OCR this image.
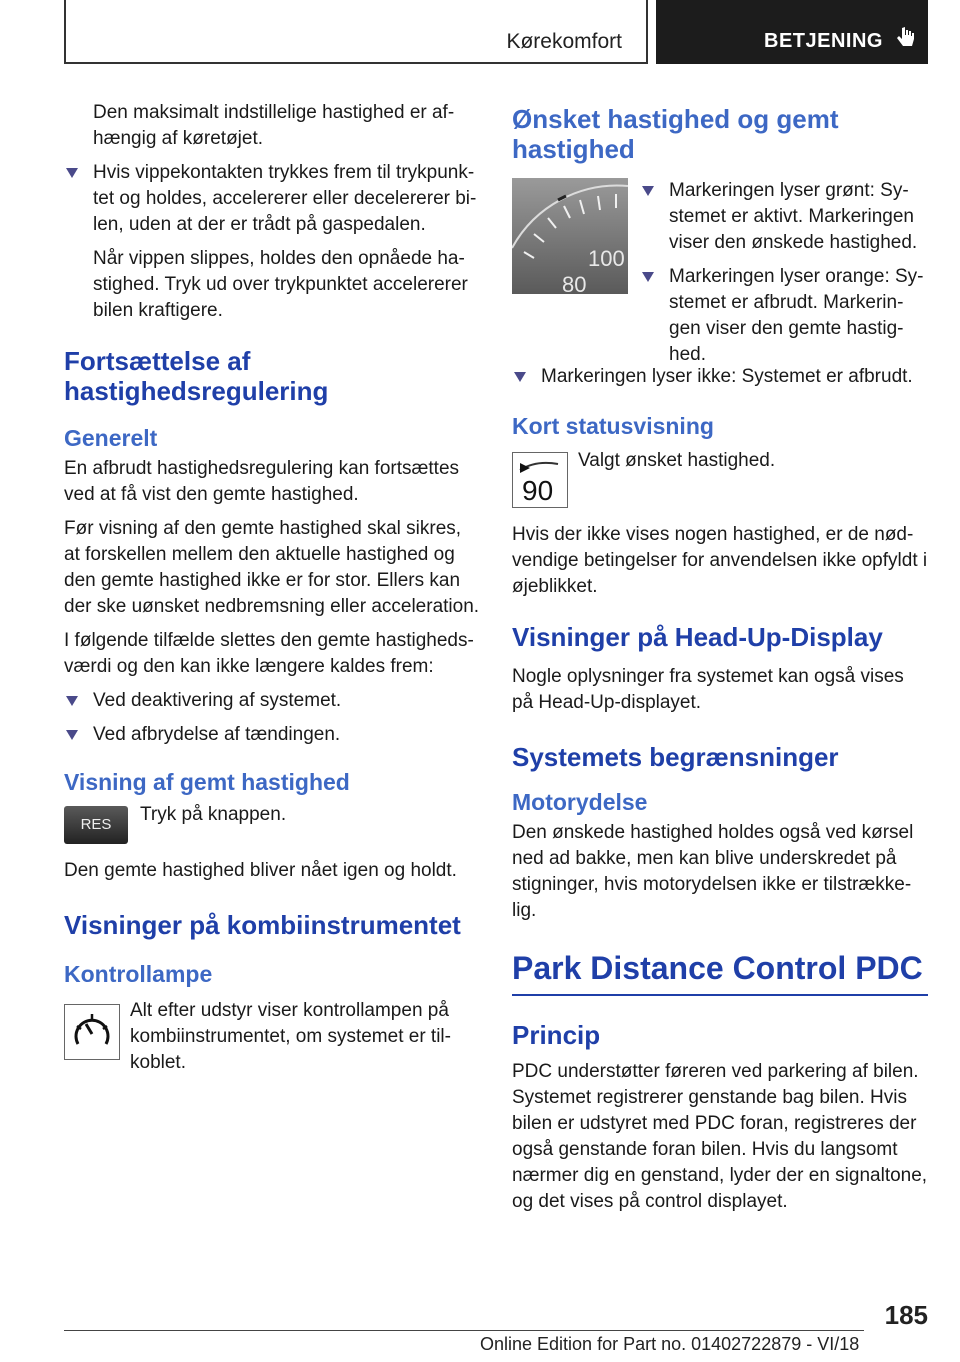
Kørekomfort	BETJENING

Den maksimalt indstillelige hastighed er af-hængig af køretøjet.

Hvis vippekontakten trykkes frem til trykpunk-tet og holdes, accelererer eller decelererer bi-len, uden at der er trådt på gaspedalen.

Når vippen slippes, holdes den opnåede ha-stighed. Tryk ud over trykpunktet accelererer bilen kraftigere.

Fortsættelse af hastighedsregulering
Generelt

En afbrudt hastighedsregulering kan fortsættes ved at få vist den gemte hastighed.

Før visning af den gemte hastighed skal sikres, at forskellen mellem den aktuelle hastighed og den gemte hastighed ikke er for stor. Ellers kan der ske uønsket nedbremsning eller acceleration.

I følgende tilfælde slettes den gemte hastigheds-værdi og den kan ikke længere kaldes frem:

Ved deaktivering af systemet.
Ved afbrydelse af tændingen.
Visning af gemt hastighed
RES	Tryk på knappen.

Den gemte hastighed bliver nået igen og holdt.

Visninger på kombiinstrumentet
Kontrollampe

Alt efter udstyr viser kontrollampen på kombiinstrumentet, om systemet er til-koblet.

Ønsket hastighed og gemt hastighed
100
80
Markeringen lyser grønt: Sy-stemet er aktivt. Markeringen viser den ønskede hastighed.
Markeringen lyser orange: Sy-stemet er afbrudt. Markerin-gen viser den gemte hastig-hed.
Markeringen lyser ikke: Systemet er afbrudt.
Kort statusvisning
90

Valgt ønsket hastighed.

Hvis der ikke vises nogen hastighed, er de nød-vendige betingelser for anvendelsen ikke opfyldt i øjeblikket.

Visninger på Head-Up-Display

Nogle oplysninger fra systemet kan også vises på Head-Up-displayet.

Systemets begrænsninger
Motorydelse

Den ønskede hastighed holdes også ved kørsel ned ad bakke, men kan blive underskredet på stigninger, hvis motorydelsen ikke er tilstrække-lig.

Park Distance Control PDC
Princip

PDC understøtter føreren ved parkering af bilen. Systemet registrerer genstande bag bilen. Hvis bilen er udstyret med PDC foran, registreres der også genstande foran bilen. Hvis du langsomt nærmer dig en genstand, lyder der en signaltone, og det vises på control displayet.

185
Online Edition for Part no. 01402722879 - VI/18
